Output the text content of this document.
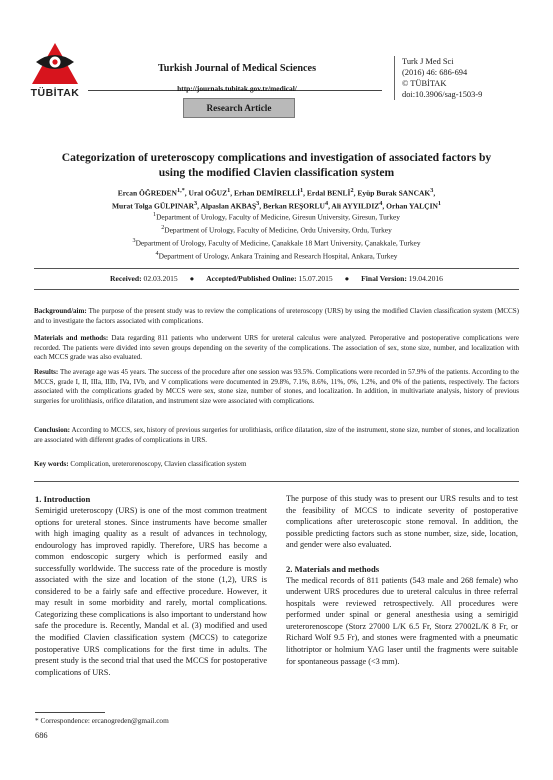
TÜBİTAK
Turkish Journal of Medical Sciences
http://journals.tubitak.gov.tr/medical/
Research Article
Turk J Med Sci
(2016) 46: 686-694
© TÜBİTAK
doi:10.3906/sag-1503-9
Categorization of ureteroscopy complications and investigation of associated factors by
using the modified Clavien classification system
Ercan $ÖĞREDEN^{1,*}$, Ural OĞUZ$^1$, Erhan DEMİRELLİ$^1$, Erdal BENLİ$^2$, Eyüp Burak SANCAK$^3$,
Murat Tolga GÜLPINAR$^3$, Alpaslan AKBAŞ$^3$, Berkan REŞORLU$^4$, Ali AYYILDIZ$^4$, Orhan YALÇIN$^1$
$^1$Department of Urology, Faculty of Medicine, Giresun University, Giresun, Turkey
$^2$Department of Urology, Faculty of Medicine, Ordu University, Ordu, Turkey
$^3$Department of Urology, Faculty of Medicine, Çanakkale 18 Mart University, Çanakkale, Turkey
$^4$Department of Urology, Ankara Training and Research Hospital, Ankara, Turkey
Received: 02.03.2015 ● Accepted/Published Online: 15.07.2015 ● Final Version: 19.04.2016
Background/aim: The purpose of the present study was to review the complications of ureteroscopy (URS) by using the modified Clavien classification system (MCCS) and to investigate the factors associated with complications.
Materials and methods: Data regarding 811 patients who underwent URS for ureteral calculus were analyzed. Peroperative and postoperative complications were recorded. The patients were divided into seven groups depending on the severity of the complications. The association of sex, stone size, number, and localization with each MCCS grade was also evaluated.
Results: The average age was 45 years. The success of the procedure after one session was 93.5%. Complications were recorded in 57.9% of the patients. According to the MCCS, grade I, II, IIIa, IIIb, IVa, IVb, and V complications were documented in 29.8%, 7.1%, 8.6%, 11%, 0%, 1.2%, and 0% of the patients, respectively. The factors associated with the complications graded by MCCS were sex, stone size, number of stones, and localization. In addition, in multivariate analysis, history of previous surgeries for urolithiasis, orifice dilatation, and instrument size were associated with complications.
Conclusion: According to MCCS, sex, history of previous surgeries for urolithiasis, orifice dilatation, size of the instrument, stone size, number of stones, and localization are associated with different grades of complications in URS.
Key words: Complication, ureterorenoscopy, Clavien classification system
1. Introduction

Semirigid ureteroscopy (URS) is one of the most common treatment options for ureteral stones. Since instruments have become smaller with high imaging quality as a result of advances in technology, endourology has improved rapidly. Therefore, URS has become a common endoscopic surgery which is performed easily and successfully worldwide. The success rate of the procedure is mostly associated with the size and location of the stone (1,2), URS is considered to be a fairly safe and effective procedure. However, it may result in some morbidity and rarely, mortal complications. Categorizing these complications is also important to understand how safe the procedure is. Recently, Mandal et al. (3) modified and used the modified Clavien classification system (MCCS) to categorize postoperative URS complications for the first time in adults. The present study is the second trial that used the MCCS for postoperative complications of URS.

The purpose of this study was to present our URS results and to test the feasibility of MCCS to indicate severity of postoperative complications after ureteroscopic stone removal. In addition, the possible predicting factors such as stone number, size, side, location, and gender were also evaluated.

2. Materials and methods

The medical records of 811 patients (543 male and 268 female) who underwent URS procedures due to ureteral calculus in three referral hospitals were reviewed retrospectively. All procedures were performed under spinal or general anesthesia using a semirigid ureterorenoscope (Storz 27000 L/K 6.5 Fr, Storz 27002L/K 8 Fr, or Richard Wolf 9.5 Fr), and stones were fragmented with a pneumatic lithotriptor or holmium YAG laser until the fragments were suitable for spontaneous passage (<3 mm).

* Correspondence: ercanogreden@gmail.com
686
